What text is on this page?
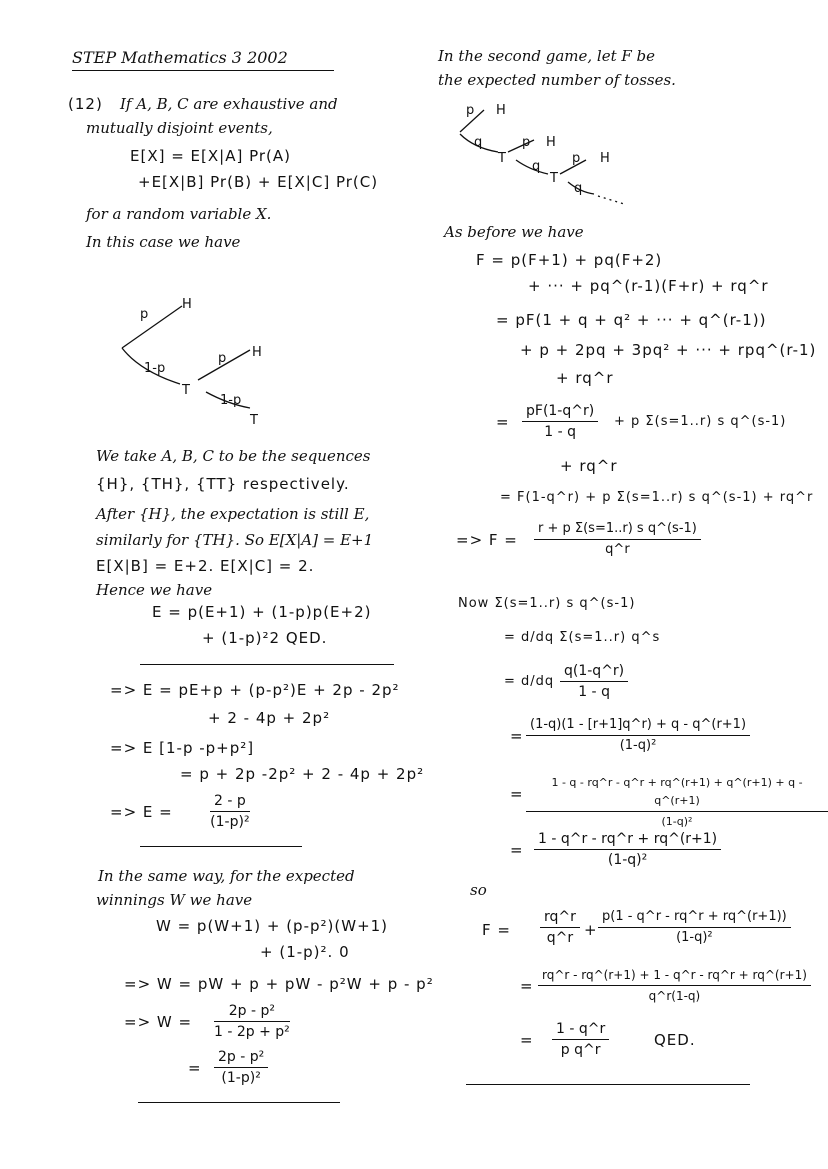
STEP Mathematics 3 2002
(12) If A, B, C are exhaustive and
mutually disjoint events,
E[X] = E[X|A] Pr(A)
+E[X|B] Pr(B) + E[X|C] Pr(C)
for a random variable X.
In this case we have
p
H
1-p
T
p H
1-p
T
We take A, B, C to be the sequences
{H}, {TH}, {TT} respectively.
After {H}, the expectation is still E,
similarly for {TH}. So E[X|A] = E+1
E[X|B] = E+2. E[X|C] = 2.
Hence we have
E = p(E+1) + (1-p)p(E+2)
+ (1-p)²2 QED.
=> E = pE+p + (p-p²)E + 2p - 2p²
+ 2 - 4p + 2p²
=> E [1-p -p+p²]
= p + 2p -2p² + 2 - 4p + 2p²
=> E =	$\frac{2 - p}{\text{(1-p)²}}$
In the same way, for the expected
winnings W we have
W = p(W+1) + (p-p²)(W+1)
+ (1-p)². 0
=> W = pW + p + pW - p²W + p - p²
=> $W = \frac{\text{2p - p²}}{\text{1 - 2p + p²}}$
= $\frac{\text{2p - p²}}{\text{(1-p)²}}$
In the second game, let F be
the expected number of tosses.
p H
q
T
p H
q
T
p H
q
As before we have
F = p(F+1) + pq(F+2)
+ ··· + pq^(r-1)(F+r) + rq^r
= pF(1 + q + q² + ··· + q^(r-1))
+ p + 2pq + 3pq² + ··· + rpq^(r-1)
+ rq^r
= $\frac{pF(1-q\^{}r)}{1 - q} + p$ Σ(s=1..r) s q^(s-1)
+ rq^r
= F(1-q^r) + p Σ(s=1..r) s q^(s-1) + rq^r
=> $F = \frac{\text{r + p Σ(s=1..r) s q\textasciicircum{}(s-1)}}{q\^{}r}$
Now Σ(s=1..r) s q^(s-1)
= d/dq Σ(s=1..r) q^s
= $d/dq \frac{q(1-q\^{}r)}{1 - q}$
= $\frac{(1-q)(1 - [r+1]q\^{}r) + q - q\^{}(r+1)}{\text{(1-q)²}}$
= $\frac{1 - q - rq\^{}r - q\^{}r + rq\^{}(r+1) + q\^{}(r+1) + q - q\^{}(r+1)}{\text{(1-q)²}}$
= $\frac{1 - q\^{}r - rq\^{}r + rq\^{}(r+1)}{\text{(1-q)²}}$
so
$F = \frac{rq\^{}r}{q\^{}r} + \frac{p(1 - q\^{}r - rq\^{}r + rq\^{}(r+1))}{\text{(1-q)²}}$
= $\frac{rq\^{}r - rq\^{}(r+1) + 1 - q\^{}r - rq\^{}r + rq\^{}(r+1)}{q\^{}r(1-q)}$
= $\frac{1 - q\^{}r}{\text{p q\textasciicircum{}r}}$	QED.
